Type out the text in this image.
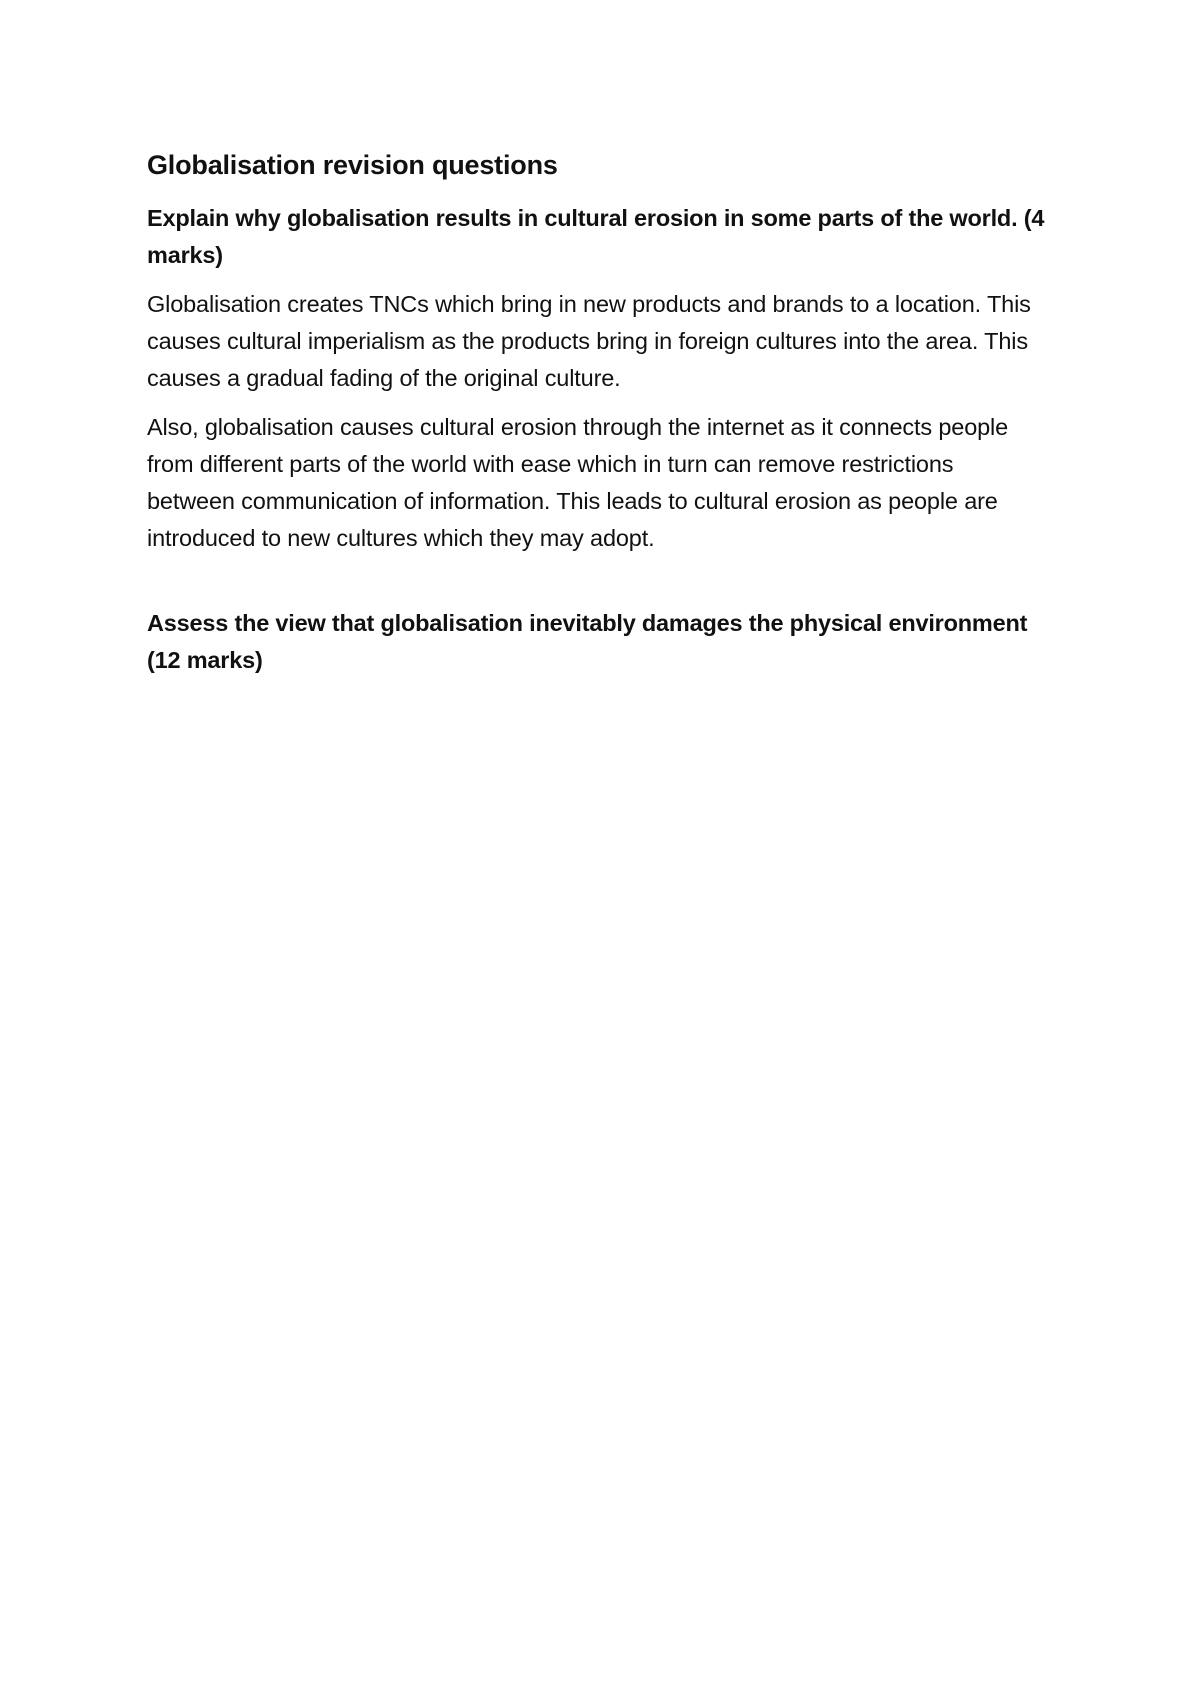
Globalisation revision questions

Explain why globalisation results in cultural erosion in some parts of the world. (4 marks)

Globalisation creates TNCs which bring in new products and brands to a location. This causes cultural imperialism as the products bring in foreign cultures into the area. This causes a gradual fading of the original culture.

Also, globalisation causes cultural erosion through the internet as it connects people from different parts of the world with ease which in turn can remove restrictions between communication of information. This leads to cultural erosion as people are introduced to new cultures which they may adopt.

Assess the view that globalisation inevitably damages the physical environment (12 marks)
